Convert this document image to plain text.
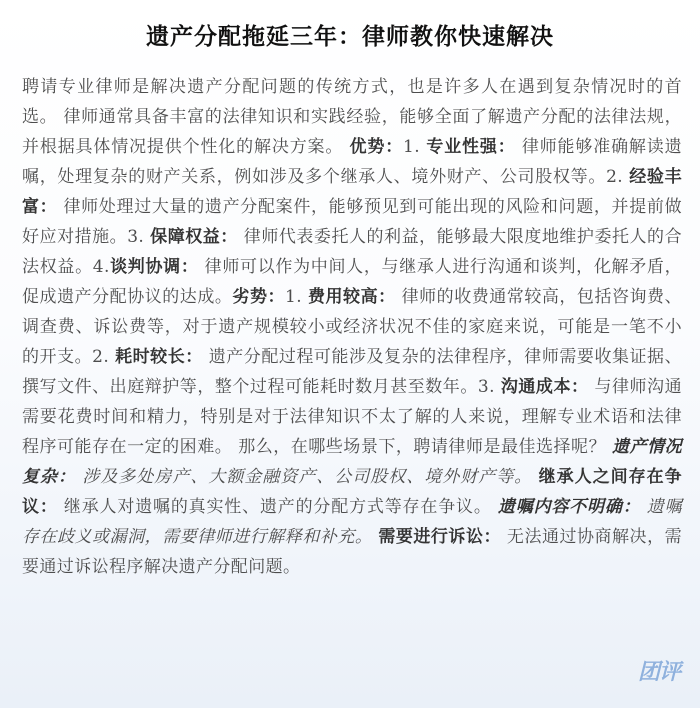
遗产分配拖延三年：律师教你快速解决
聘请专业律师是解决遗产分配问题的传统方式，也是许多人在遇到复杂情况时的首选。 律师通常具备丰富的法律知识和实践经验，能够全面了解遗产分配的法律法规，并根据具体情况提供个性化的解决方案。 优势：1. 专业性强： 律师能够准确解读遗嘱，处理复杂的财产关系，例如涉及多个继承人、境外财产、公司股权等。2. 经验丰富： 律师处理过大量的遗产分配案件，能够预见到可能出现的风险和问题，并提前做好应对措施。3. 保障权益： 律师代表委托人的利益，能够最大限度地维护委托人的合法权益。4.谈判协调： 律师可以作为中间人，与继承人进行沟通和谈判，化解矛盾，促成遗产分配协议的达成。劣势：1. 费用较高： 律师的收费通常较高，包括咨询费、调查费、诉讼费等，对于遗产规模较小或经济状况不佳的家庭来说，可能是一笔不小的开支。2. 耗时较长： 遗产分配过程可能涉及复杂的法律程序，律师需要收集证据、撰写文件、出庭辩护等，整个过程可能耗时数月甚至数年。3. 沟通成本： 与律师沟通需要花费时间和精力，特别是对于法律知识不太了解的人来说，理解专业术语和法律程序可能存在一定的困难。 那么，在哪些场景下，聘请律师是最佳选择呢？ 遗产情况复杂： 涉及多处房产、大额金融资产、公司股权、境外财产等。 继承人之间存在争议： 继承人对遗嘱的真实性、遗产的分配方式等存在争议。 遗嘱内容不明确： 遗嘱存在歧义或漏洞，需要律师进行解释和补充。 需要进行诉讼： 无法通过协商解决，需要通过诉讼程序解决遗产分配问题。
团评
